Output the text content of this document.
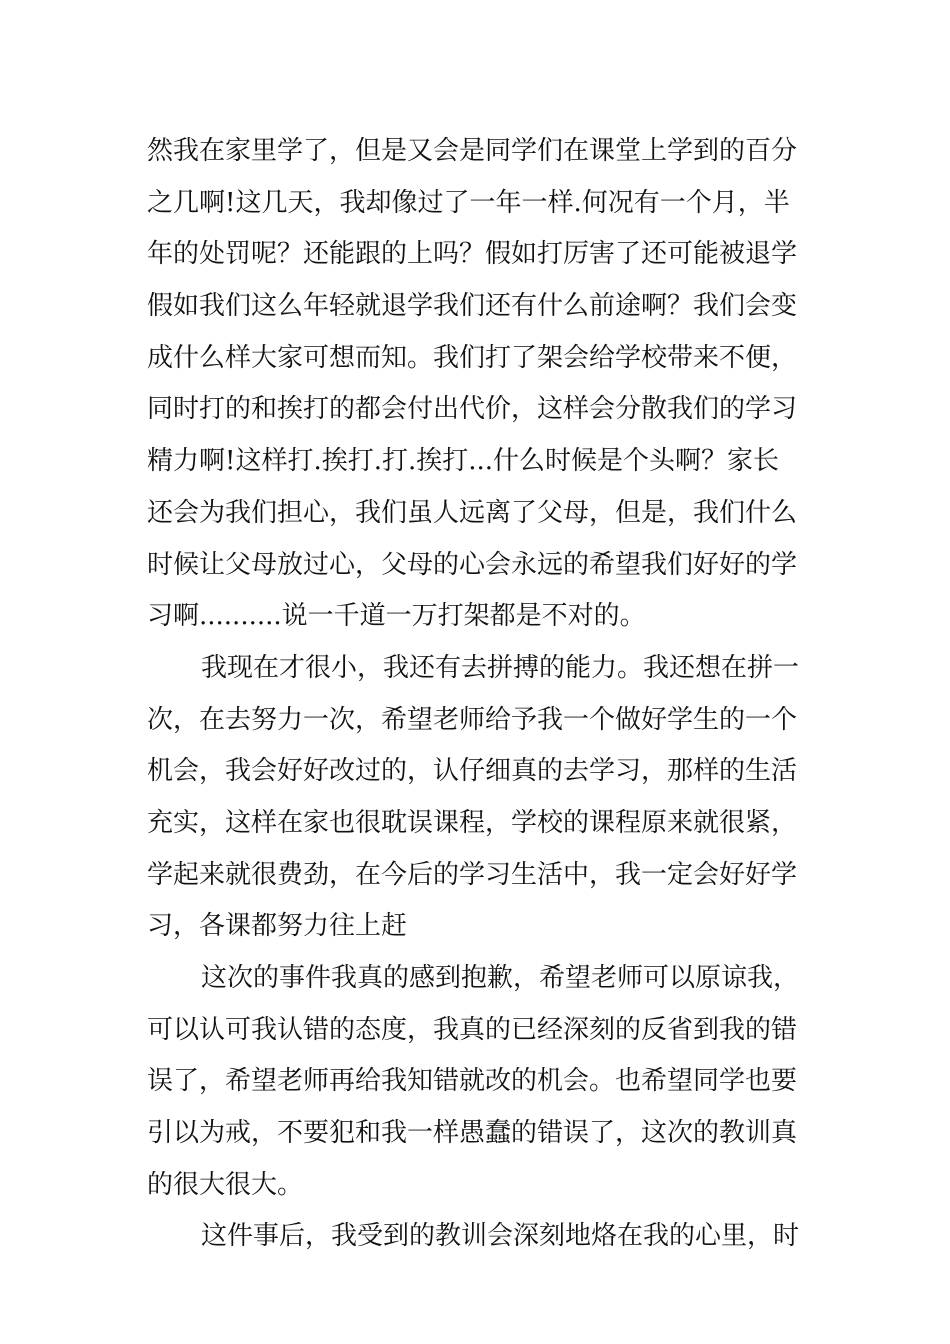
然我在家里学了，但是又会是同学们在课堂上学到的百分
之几啊!这几天，我却像过了一年一样.何况有一个月，半
年的处罚呢？还能跟的上吗？假如打厉害了还可能被退学
假如我们这么年轻就退学我们还有什么前途啊？我们会变
成什么样大家可想而知。我们打了架会给学校带来不便，
同时打的和挨打的都会付出代价，这样会分散我们的学习
精力啊!这样打.挨打.打.挨打...什么时候是个头啊？家长
还会为我们担心，我们虽人远离了父母，但是，我们什么
时候让父母放过心，父母的心会永远的希望我们好好的学
习啊..........说一千道一万打架都是不对的。
我现在才很小，我还有去拼搏的能力。我还想在拼一
次，在去努力一次，希望老师给予我一个做好学生的一个
机会，我会好好改过的，认仔细真的去学习，那样的生活
充实，这样在家也很耽误课程，学校的课程原来就很紧，
学起来就很费劲，在今后的学习生活中，我一定会好好学
习，各课都努力往上赶
这次的事件我真的感到抱歉，希望老师可以原谅我，
可以认可我认错的态度，我真的已经深刻的反省到我的错
误了，希望老师再给我知错就改的机会。也希望同学也要
引以为戒，不要犯和我一样愚蠢的错误了，这次的教训真
的很大很大。
这件事后，我受到的教训会深刻地烙在我的心里，时
